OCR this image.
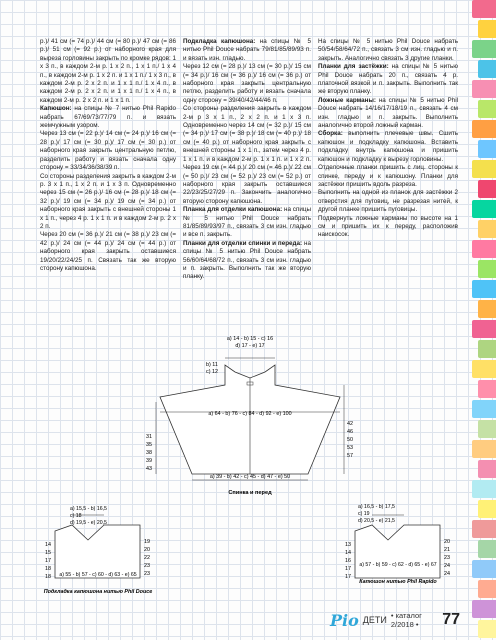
р.)/ 41 см (= 74 р.)/ 44 см (= 80 р.)/ 47 см (= 86 р.)/ 51 см (= 92 р.) от наборного края для выреза горловины закрыть по кромке рядов: 1 х 3 п., в каждом 2-м р. 1 х 2 п., 1 х 1 п./ 1 х 4 п., в каждом 2-м р. 1 х 2 п. и 1 х 1 п./ 1 х 3 п., в каждом 2-м р. 2 х 2 п. и 1 х 1 п./ 1 х 4 п., в каждом 2-м р. 2 х 2 п. и 1 х 1 п./ 1 х 4 п., в каждом 2-м р. 2 х 2 п. и 1 х 1 п.

Капюшон: на спицы № 7 нитью Phil Rapido набрать 67/69/73/77/79 п. и вязать жемчужным узором.

Через 13 см (= 22 р.)/ 14 см (= 24 р.)/ 16 см (= 28 р.)/ 17 см (= 30 р.)/ 17 см (= 30 р.) от наборного края закрыть центральную петлю, разделить работу и вязать сначала одну сторону = 33/34/36/38/39 п.

Со стороны разделения закрыть в каждом 2-м р. 3 х 1 п., 1 х 2 п. и 1 х 3 п. Одновременно через 15 см (= 26 р.)/ 16 см (= 28 р.)/ 18 см (= 32 р.)/ 19 см (= 34 р.)/ 19 см (= 34 р.) от наборного края закрыть с внешней стороны 1 х 1 п., через 4 р. 1 х 1 п. и в каждом 2-м р. 2 х 2 п.

Через 20 см (= 36 р.)/ 21 см (= 38 р.)/ 23 см (= 42 р.)/ 24 см (= 44 р.)/ 24 см (= 44 р.) от наборного края закрыть оставшиеся 19/20/22/24/25 п. Связать так же вторую сторону капюшона.

Подкладка капюшона: на спицы № 5 нитью Phil Douce набрать 79/81/85/89/93 п. и вязать изн. гладью.

Через 12 см (= 28 р.)/ 13 см (= 30 р.)/ 15 см (= 34 р.)/ 16 см (= 36 р.)/ 16 см (= 36 р.) от наборного края закрыть центральную петлю, разделить работу и вязать сначала одну сторону = 39/40/42/44/46 п.

Со стороны разделения закрыть в каждом 2-м р 3 х 1 п., 2 х 2 п. и 1 х 3 п. Одновременно через 14 см (= 32 р.)/ 15 см (= 34 р.)/ 17 см (= 38 р.)/ 18 см (= 40 р.)/ 18 см (= 40 р.) от наборного края закрыть с внешней стороны 1 х 1 п., затем через 4 р. 1 х 1 п. и в каждом 2-м р. 1 х 1 п. и 1 х 2 п. Через 19 см (= 44 р.)/ 20 см (= 46 р.)/ 22 см (= 50 р.)/ 23 см (= 52 р.)/ 23 см (= 52 р.) от наборного края закрыть оставшиеся 22/23/25/27/29 п. Закончить аналогично вторую сторону капюшона.

Планка для отделки капюшона: на спицы № 5 нитью Phil Douce набрать 81/85/89/93/97 п., связать 3 см изн. гладью и все п. закрыть.

Планки для отделки спинки и переда: на спицы № 5 нитью Phil Douce набрать 56/60/64/68/72 п., связать 3 см изн. гладью и п. закрыть. Выполнить так же вторую планку.

На спицы № 5 нитью Phil Douce набрать 50/54/58/64/72 п., связать 3 см изн. гладью и п. закрыть. Аналогично связать 3 другие планки.

Планки для застёжки: на спицы № 5 нитью Phil Douce набрать 20 п., связать 4 р. платочной вязкой и п. закрыть. Выполнить так же вторую планку.

Ложные карманы: на спицы № 5 нитью Phil Douce набрать 14/16/17/18/19 п., связать 4 см изн. гладью и п. закрыть. Выполнить аналогично второй ложный карман.

Сборка: выполнить плечевые швы. Сшить капюшон и подкладку капюшона. Вставить подкладку внутрь капюшона и пришить капюшон и подкладку к вырезу горловины.

Отделочные планки пришить с лиц. стороны к спинке, переду и к капюшону. Планки для застёжки пришить вдоль разреза.

Выполнить на одной из планок для застёжки 2 отверстия для пуговиц, не разрезая нитей, к другой планке пришить пуговицы.

Подвернуть ложные карманы по высоте на 1 см и пришить их к переду, расположив наискосок.

a) 14 - b) 15 - c) 16
d) 17 - e) 17
b) 11
c) 12
a) 64 - b) 76 - c) 84 - d) 92 - e) 100
31
35
38
39
43
42
46
50
53
57
a) 39 - b) 42 - c) 45 - d) 47 - e) 50
Спинка и перед
a) 15,5 - b) 16,5
c) 18
d) 19,5 - e) 20,5
14
15
17
18
18
19
20
22
23
23
a) 55 - b) 57 - c) 60 - d) 63 - e) 65
Подкладка капюшона нитью Phil Douce
a) 16,5 - b) 17,5
c) 19
d) 20,5 - e) 21,5
13
14
16
17
17
20
21
23
24
24
a) 57 - b) 59 - c) 62 - d) 65 - e) 67
Капюшон нитью Phil Rapido
Pio ДЕТИ • каталог 2/2018 •	77
